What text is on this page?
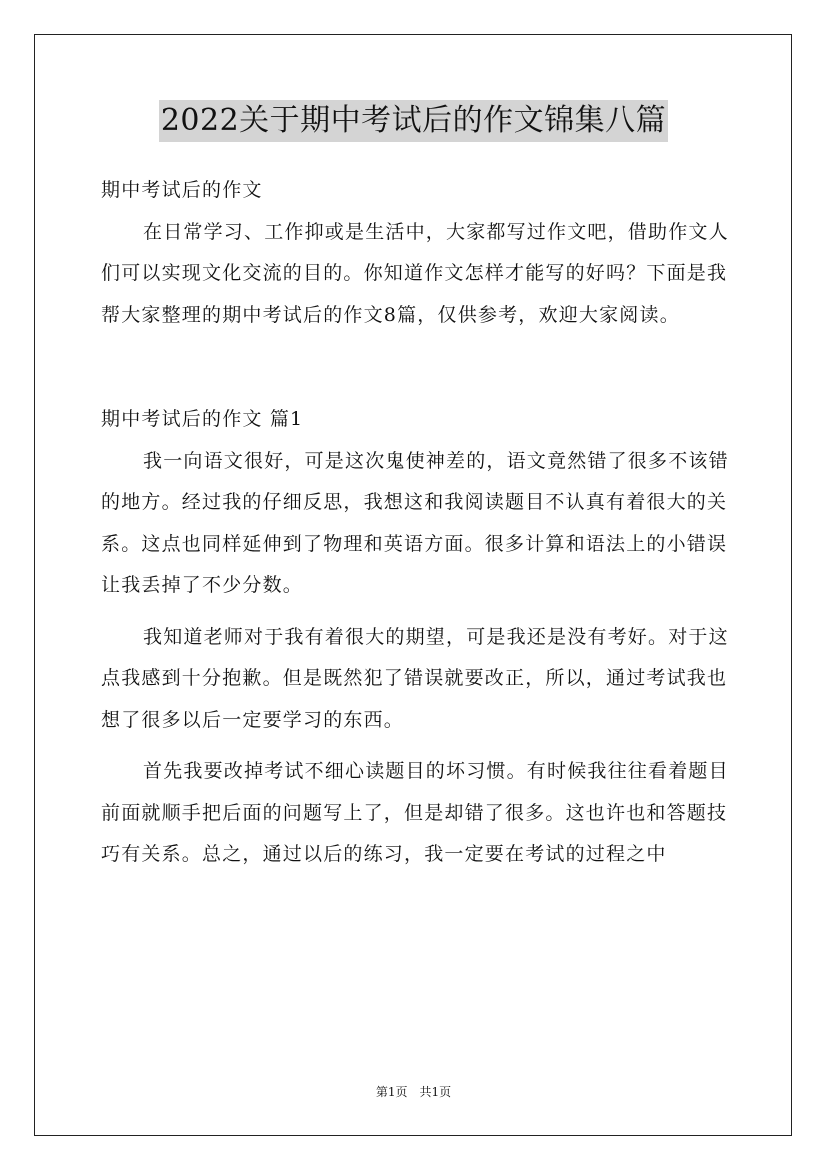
2022关于期中考试后的作文锦集八篇

期中考试后的作文

在日常学习、工作抑或是生活中，大家都写过作文吧，借助作文人们可以实现文化交流的目的。你知道作文怎样才能写的好吗？下面是我帮大家整理的期中考试后的作文8篇，仅供参考，欢迎大家阅读。

期中考试后的作文 篇1

我一向语文很好，可是这次鬼使神差的，语文竟然错了很多不该错的地方。经过我的仔细反思，我想这和我阅读题目不认真有着很大的关系。这点也同样延伸到了物理和英语方面。很多计算和语法上的小错误让我丢掉了不少分数。

我知道老师对于我有着很大的期望，可是我还是没有考好。对于这点我感到十分抱歉。但是既然犯了错误就要改正，所以，通过考试我也想了很多以后一定要学习的东西。

首先我要改掉考试不细心读题目的坏习惯。有时候我往往看着题目前面就顺手把后面的问题写上了，但是却错了很多。这也许也和答题技巧有关系。总之，通过以后的练习，我一定要在考试的过程之中

第1页　共1页
